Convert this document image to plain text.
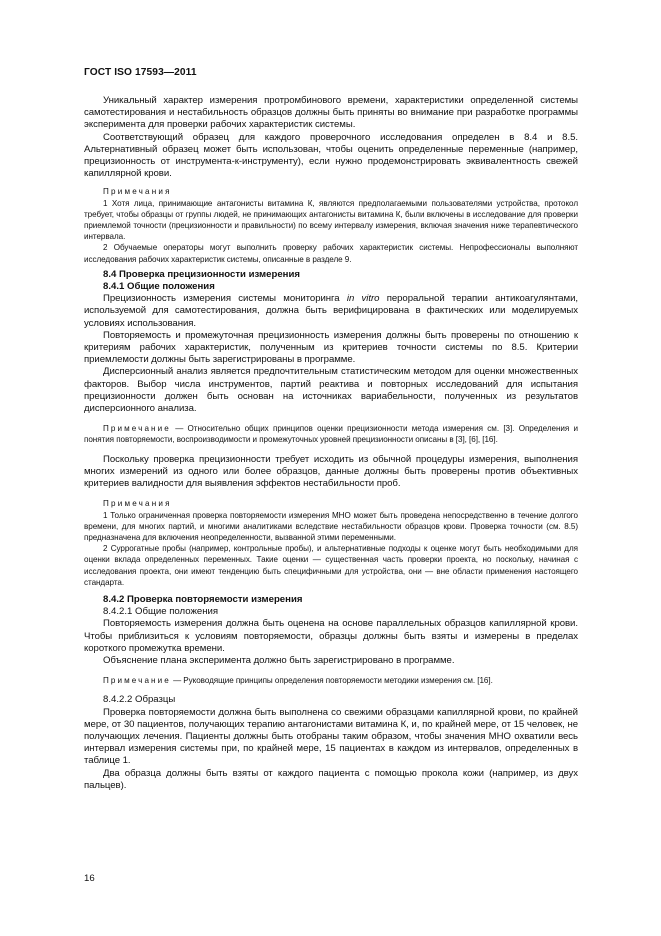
ГОСТ ISO 17593—2011

Уникальный характер измерения протромбинового времени, характеристики определенной системы самотестирования и нестабильность образцов должны быть приняты во внимание при разработке программы эксперимента для проверки рабочих характеристик системы.

Соответствующий образец для каждого проверочного исследования определен в 8.4 и 8.5. Альтернативный образец может быть использован, чтобы оценить определенные переменные (например, прецизионность от инструмента-к-инструменту), если нужно продемонстрировать эквивалентность свежей капиллярной крови.

Примечания

1 Хотя лица, принимающие антагонисты витамина К, являются предполагаемыми пользователями устройства, протокол требует, чтобы образцы от группы людей, не принимающих антагонисты витамина К, были включены в исследование для проверки приемлемой точности (прецизионности и правильности) по всему интервалу измерения, включая значения ниже терапевтического интервала.

2 Обучаемые операторы могут выполнить проверку рабочих характеристик системы. Непрофессионалы выполняют исследования рабочих характеристик системы, описанные в разделе 9.

8.4 Проверка прецизионности измерения

8.4.1 Общие положения

Прецизионность измерения системы мониторинга in vitro пероральной терапии антикоагулянтами, используемой для самотестирования, должна быть верифицирована в фактических или моделируемых условиях использования.

Повторяемость и промежуточная прецизионность измерения должны быть проверены по отношению к критериям рабочих характеристик, полученным из критериев точности системы по 8.5. Критерии приемлемости должны быть зарегистрированы в программе.

Дисперсионный анализ является предпочтительным статистическим методом для оценки множественных факторов. Выбор числа инструментов, партий реактива и повторных исследований для испытания прецизионности должен быть основан на источниках вариабельности, полученных из результатов дисперсионного анализа.

Примечание — Относительно общих принципов оценки прецизионности метода измерения см. [3]. Определения и понятия повторяемости, воспроизводимости и промежуточных уровней прецизионности описаны в [3], [6], [16].

Поскольку проверка прецизионности требует исходить из обычной процедуры измерения, выполнения многих измерений из одного или более образцов, данные должны быть проверены против объективных критериев валидности для выявления эффектов нестабильности проб.

Примечания

1 Только ограниченная проверка повторяемости измерения МНО может быть проведена непосредственно в течение долгого времени, для многих партий, и многими аналитиками вследствие нестабильности образцов крови. Проверка точности (см. 8.5) предназначена для включения неопределенности, вызванной этими переменными.

2 Суррогатные пробы (например, контрольные пробы), и альтернативные подходы к оценке могут быть необходимыми для оценки вклада определенных переменных. Такие оценки — существенная часть проверки проекта, но поскольку, начиная с исследования проекта, они имеют тенденцию быть специфичными для устройства, они — вне области применения настоящего стандарта.

8.4.2 Проверка повторяемости измерения

8.4.2.1 Общие положения

Повторяемость измерения должна быть оценена на основе параллельных образцов капиллярной крови. Чтобы приблизиться к условиям повторяемости, образцы должны быть взяты и измерены в пределах короткого промежутка времени.

Объяснение плана эксперимента должно быть зарегистрировано в программе.

Примечание — Руководящие принципы определения повторяемости методики измерения см. [16].

8.4.2.2 Образцы

Проверка повторяемости должна быть выполнена со свежими образцами капиллярной крови, по крайней мере, от 30 пациентов, получающих терапию антагонистами витамина К, и, по крайней мере, от 15 человек, не получающих лечения. Пациенты должны быть отобраны таким образом, чтобы значения МНО охватили весь интервал измерения системы при, по крайней мере, 15 пациентах в каждом из интервалов, определенных в таблице 1.

Два образца должны быть взяты от каждого пациента с помощью прокола кожи (например, из двух пальцев).

16
